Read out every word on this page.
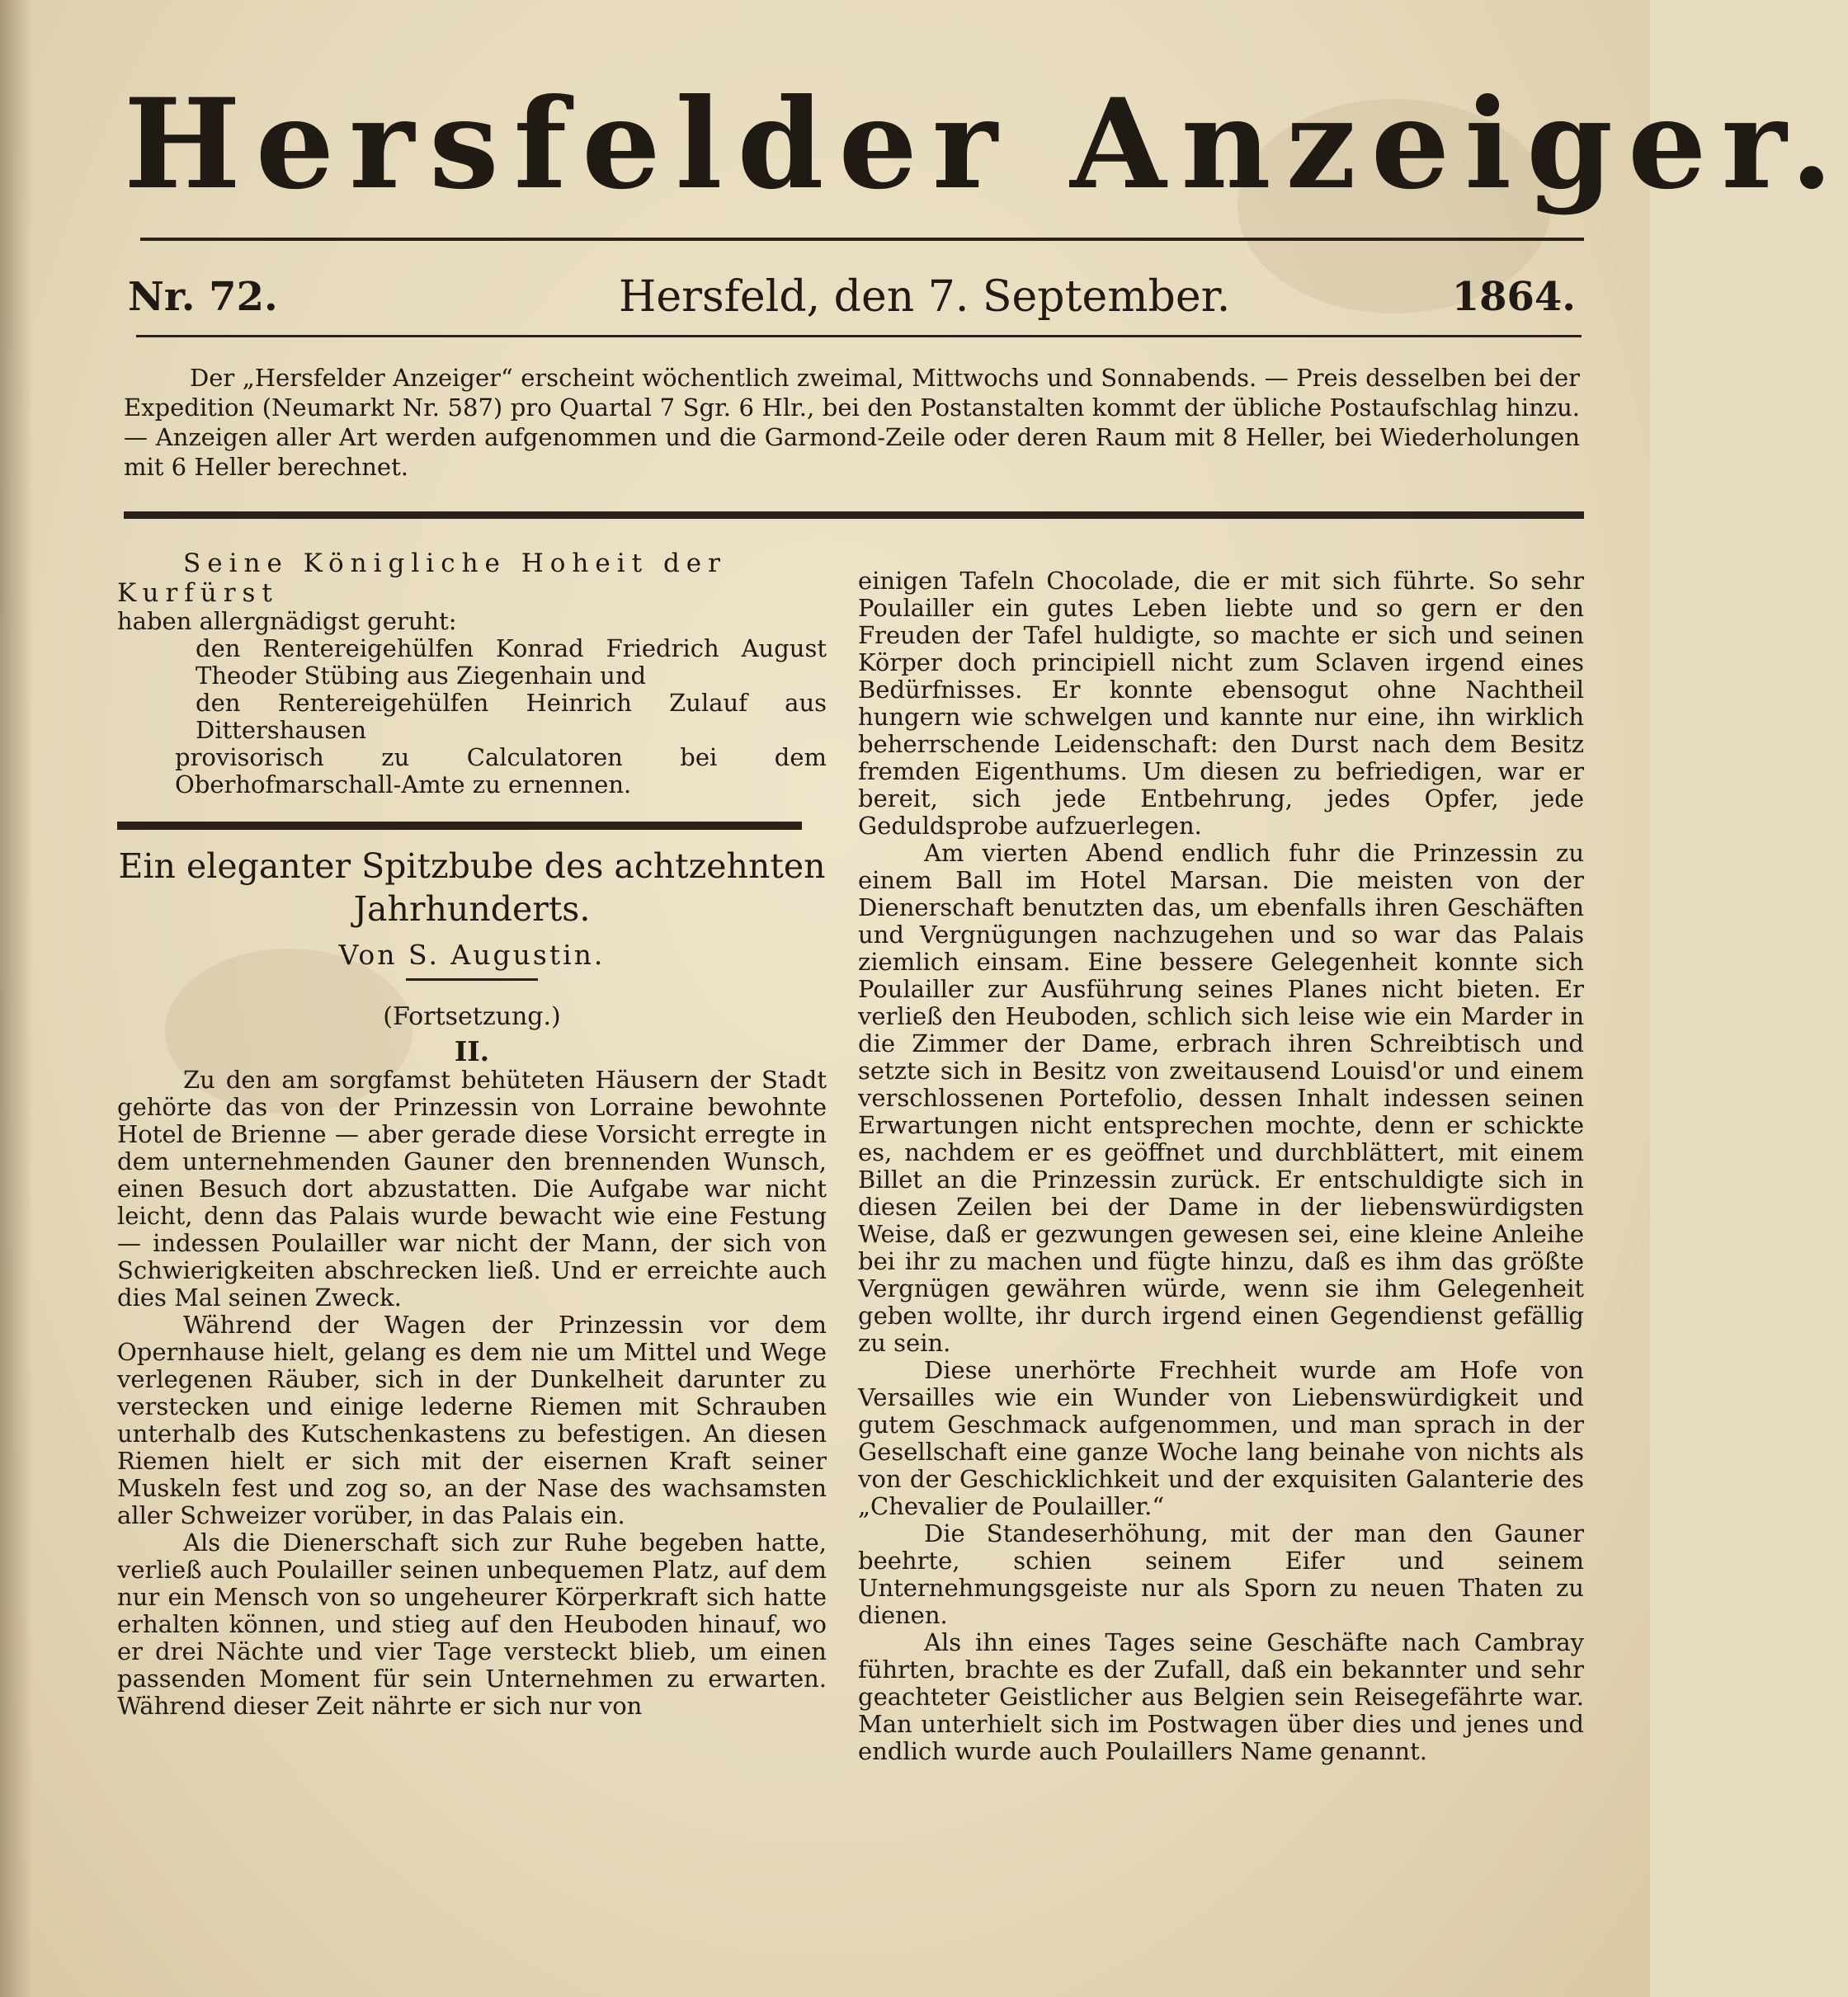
Hersfelder Anzeiger.
Nr. 72.	Hersfeld, den 7. September.	1864.
Der „Hersfelder Anzeiger“ erscheint wöchentlich zweimal, Mittwochs und Sonnabends. — Preis desselben bei der Expedition (Neumarkt Nr. 587) pro Quartal 7 Sgr. 6 Hlr., bei den Postanstalten kommt der übliche Postaufschlag hinzu. — Anzeigen aller Art werden aufgenommen und die Garmond-Zeile oder deren Raum mit 8 Heller, bei Wiederholungen mit 6 Heller berechnet.
Seine Königliche Hoheit der Kurfürst
haben allergnädigst geruht:

den Rentereigehülfen Konrad Friedrich August Theoder Stübing aus Ziegenhain und

den Rentereigehülfen Heinrich Zulauf aus Dittershausen

provisorisch zu Calculatoren bei dem Oberhofmarschall-Amte zu ernennen.

Ein eleganter Spitzbube des achtzehnten Jahrhunderts.
Von S. Augustin.
(Fortsetzung.)
II.

Zu den am sorgfamst behüteten Häusern der Stadt gehörte das von der Prinzessin von Lorraine bewohnte Hotel de Brienne — aber gerade diese Vorsicht erregte in dem unternehmenden Gauner den brennenden Wunsch, einen Besuch dort abzustatten. Die Aufgabe war nicht leicht, denn das Palais wurde bewacht wie eine Festung — indessen Poulailler war nicht der Mann, der sich von Schwierigkeiten abschrecken ließ. Und er erreichte auch dies Mal seinen Zweck.

Während der Wagen der Prinzessin vor dem Opernhause hielt, gelang es dem nie um Mittel und Wege verlegenen Räuber, sich in der Dunkelheit darunter zu verstecken und einige lederne Riemen mit Schrauben unterhalb des Kutschenkastens zu befestigen. An diesen Riemen hielt er sich mit der eisernen Kraft seiner Muskeln fest und zog so, an der Nase des wachsamsten aller Schweizer vorüber, in das Palais ein.

Als die Dienerschaft sich zur Ruhe begeben hatte, verließ auch Poulailler seinen unbequemen Platz, auf dem nur ein Mensch von so ungeheurer Körperkraft sich hatte erhalten können, und stieg auf den Heuboden hinauf, wo er drei Nächte und vier Tage versteckt blieb, um einen passenden Moment für sein Unternehmen zu erwarten. Während dieser Zeit nährte er sich nur von

einigen Tafeln Chocolade, die er mit sich führte. So sehr Poulailler ein gutes Leben liebte und so gern er den Freuden der Tafel huldigte, so machte er sich und seinen Körper doch principiell nicht zum Sclaven irgend eines Bedürfnisses. Er konnte ebensogut ohne Nachtheil hungern wie schwelgen und kannte nur eine, ihn wirklich beherrschende Leidenschaft: den Durst nach dem Besitz fremden Eigenthums. Um diesen zu befriedigen, war er bereit, sich jede Entbehrung, jedes Opfer, jede Geduldsprobe aufzuerlegen.

Am vierten Abend endlich fuhr die Prinzessin zu einem Ball im Hotel Marsan. Die meisten von der Dienerschaft benutzten das, um ebenfalls ihren Geschäften und Vergnügungen nachzugehen und so war das Palais ziemlich einsam. Eine bessere Gelegenheit konnte sich Poulailler zur Ausführung seines Planes nicht bieten. Er verließ den Heuboden, schlich sich leise wie ein Marder in die Zimmer der Dame, erbrach ihren Schreibtisch und setzte sich in Besitz von zweitausend Louisd'or und einem verschlossenen Portefolio, dessen Inhalt indessen seinen Erwartungen nicht entsprechen mochte, denn er schickte es, nachdem er es geöffnet und durchblättert, mit einem Billet an die Prinzessin zurück. Er entschuldigte sich in diesen Zeilen bei der Dame in der liebenswürdigsten Weise, daß er gezwungen gewesen sei, eine kleine Anleihe bei ihr zu machen und fügte hinzu, daß es ihm das größte Vergnügen gewähren würde, wenn sie ihm Gelegenheit geben wollte, ihr durch irgend einen Gegendienst gefällig zu sein.

Diese unerhörte Frechheit wurde am Hofe von Versailles wie ein Wunder von Liebenswürdigkeit und gutem Geschmack aufgenommen, und man sprach in der Gesellschaft eine ganze Woche lang beinahe von nichts als von der Geschicklichkeit und der exquisiten Galanterie des „Chevalier de Poulailler.“

Die Standeserhöhung, mit der man den Gauner beehrte, schien seinem Eifer und seinem Unternehmungsgeiste nur als Sporn zu neuen Thaten zu dienen.

Als ihn eines Tages seine Geschäfte nach Cambray führten, brachte es der Zufall, daß ein bekannter und sehr geachteter Geistlicher aus Belgien sein Reisegefährte war. Man unterhielt sich im Postwagen über dies und jenes und endlich wurde auch Poulaillers Name genannt.
